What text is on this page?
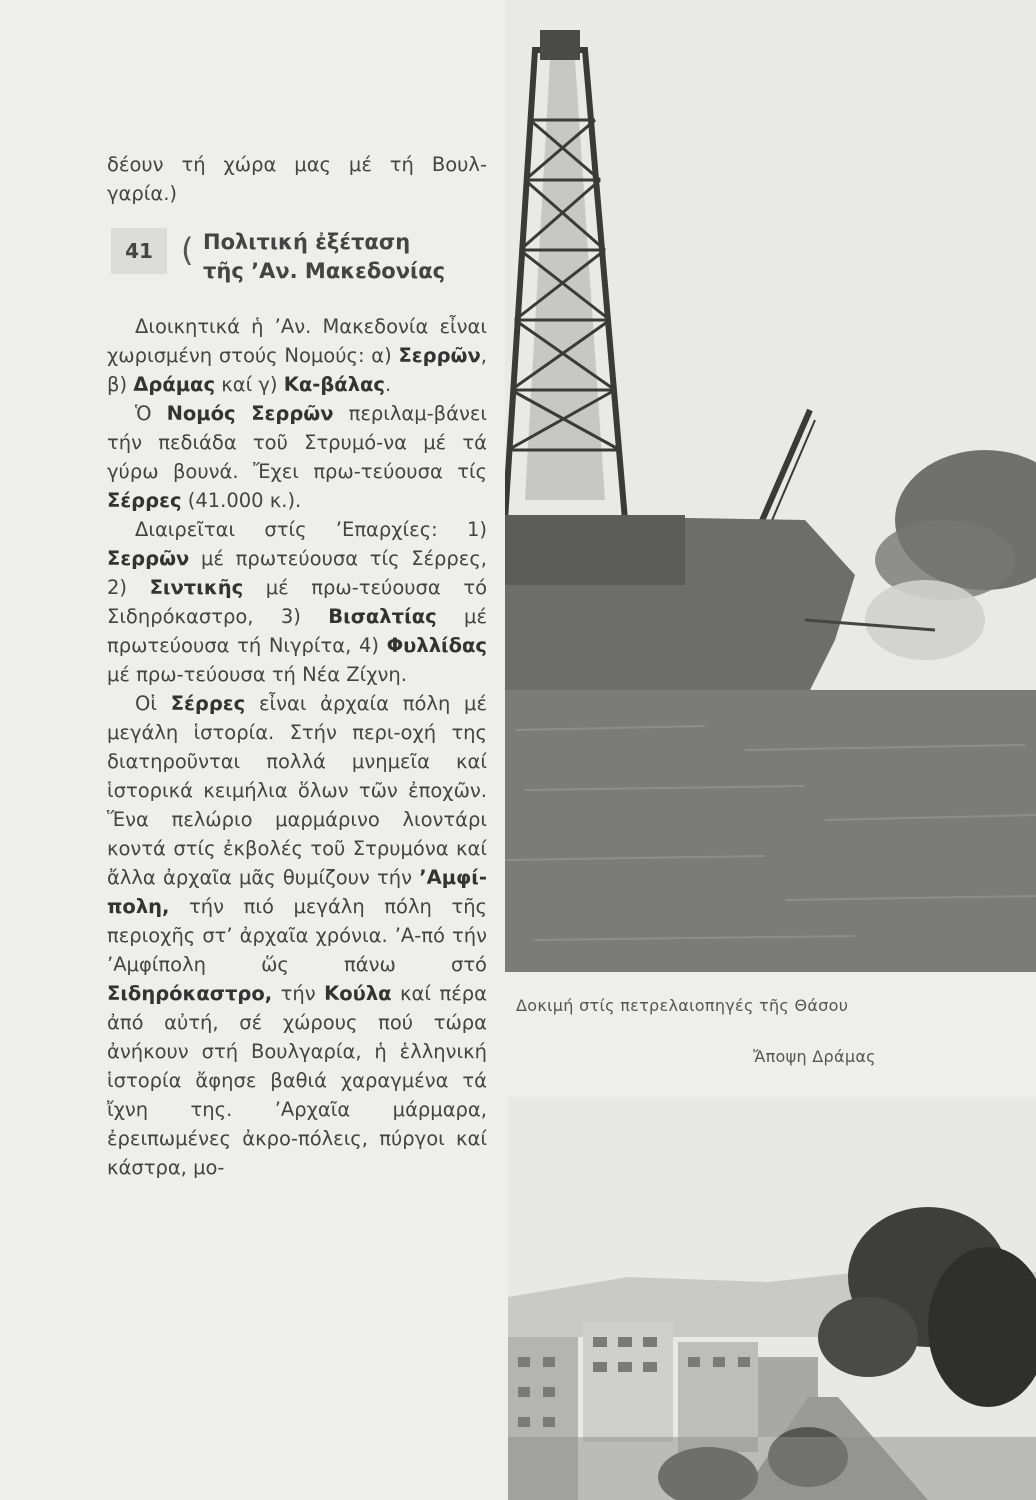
δέουν τή χώρα μας μέ τή Βουλ- γαρία.)

41 ( Πολιτική ἐξέταση
τῆς ’Αν. Μακεδονίας

Διοικητικά ἡ ’Αν. Μακεδονία εἶναι χωρισμένη στούς Νομούς: α) Σερρῶν, β) Δράμας καί γ) Κα-βάλας.

Ὁ Νομός Σερρῶν περιλαμ-βάνει τήν πεδιάδα τοῦ Στρυμό-να μέ τά γύρω βουνά. Ἔχει πρω-τεύουσα τίς Σέρρες (41.000 κ.).

Διαιρεῖται στίς ’Επαρχίες: 1) Σερρῶν μέ πρωτεύουσα τίς Σέρρες, 2) Σιντικῆς μέ πρω-τεύουσα τό Σιδηρόκαστρο, 3) Βισαλτίας μέ πρωτεύουσα τή Νιγρίτα, 4) Φυλλίδας μέ πρω-τεύουσα τή Νέα Ζίχνη.

Οἱ Σέρρες εἶναι ἀρχαία πόλη μέ μεγάλη ἱστορία. Στήν περι-οχή της διατηροῦνται πολλά μνημεῖα καί ἱστορικά κειμήλια ὅλων τῶν ἐποχῶν. Ἕνα πελώριο μαρμάρινο λιοντάρι κοντά στίς ἐκβολές τοῦ Στρυμόνα καί ἄλλα ἀρχαῖα μᾶς θυμίζουν τήν ’Αμφί-πολη, τήν πιό μεγάλη πόλη τῆς περιοχῆς στ’ ἀρχαῖα χρόνια. ’Α-πό τήν ’Αμφίπολη ὥς πάνω στό Σιδηρόκαστρο, τήν Κούλα καί πέρα ἀπό αὐτή, σέ χώρους πού τώρα ἀνήκουν στή Βουλγαρία, ἡ ἑλληνική ἱστορία ἄφησε βαθιά χαραγμένα τά ἴχνη της. ’Αρχαῖα μάρμαρα, ἐρειπωμένες ἀκρο-πόλεις, πύργοι καί κάστρα, μο-

Δοκιμή στίς πετρελαιοπηγές τῆς Θάσου
Ἄποψη Δράμας
